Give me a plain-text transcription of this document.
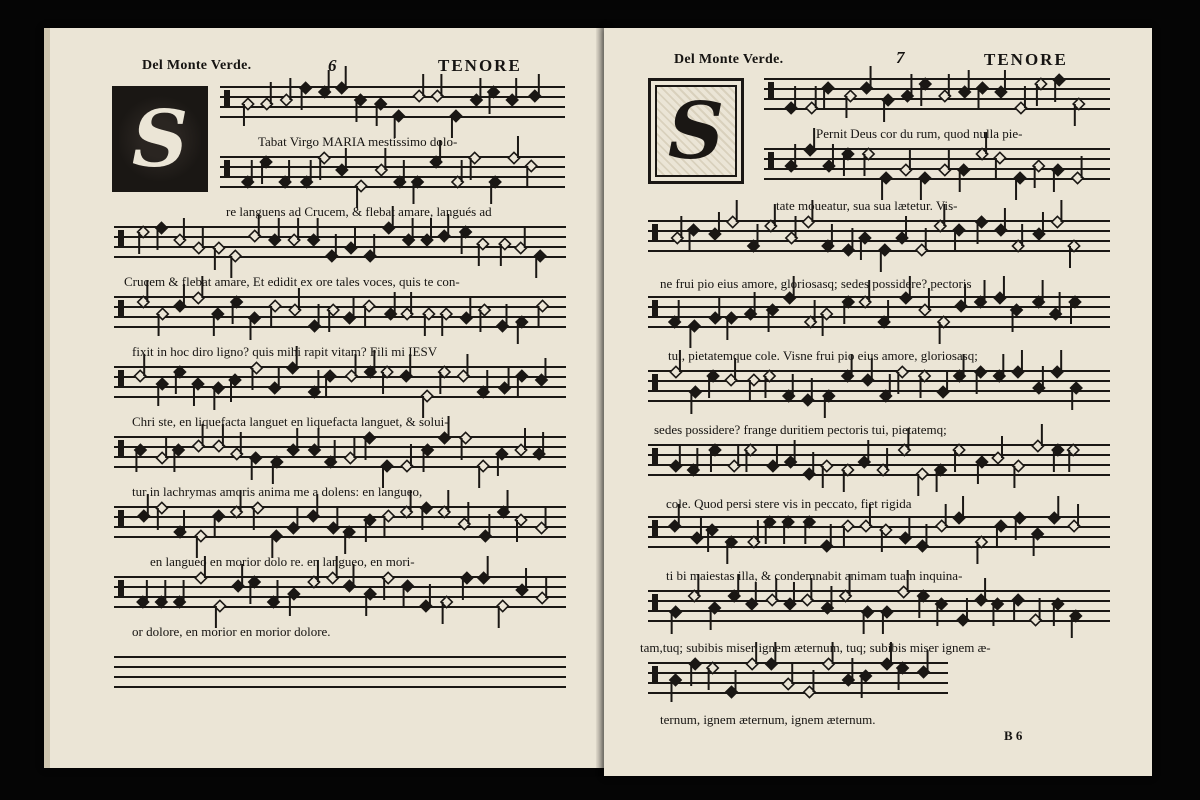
Del Monte Verde.	6	TENORE
S	Tabat Virgo MARIA mestissimo dolo-
re languens ad Crucem, & flebat amare, langués ad
Crucem & flebat amare, Et edidit ex ore tales voces, quis te con-
fixit in hoc diro ligno? quis mihi rapit vitam? Fili mi IESV
Chri ste, en liquefacta languet en liquefacta languet, & solui-
tur in lachrymas amoris anima me a dolens: en langueo,
en langueo en morior dolo re. en langueo, en mori-
or dolore, en morior en morior dolore.
Del Monte Verde.	7	TENORE
S	Pernit Deus cor du rum, quod nulla pie-
tate moueatur, sua sua lætetur. Vis-
ne frui pio eius amore, gloriosasq; sedes possidere? pectoris
tui, pietatemque cole. Visne frui pio eius amore, gloriosasq;
sedes possidere? frange duritiem pectoris tui, pietatemq;
cole. Quod persi stere vis in peccato, fiet rigida
ti bi maiestas illa, & condemnabit animam tuam inquina-
tam,tuq; subibis miser ignem æternum, tuq; subibis miser ignem æ-
ternum, ignem æternum, ignem æternum.
B 6
